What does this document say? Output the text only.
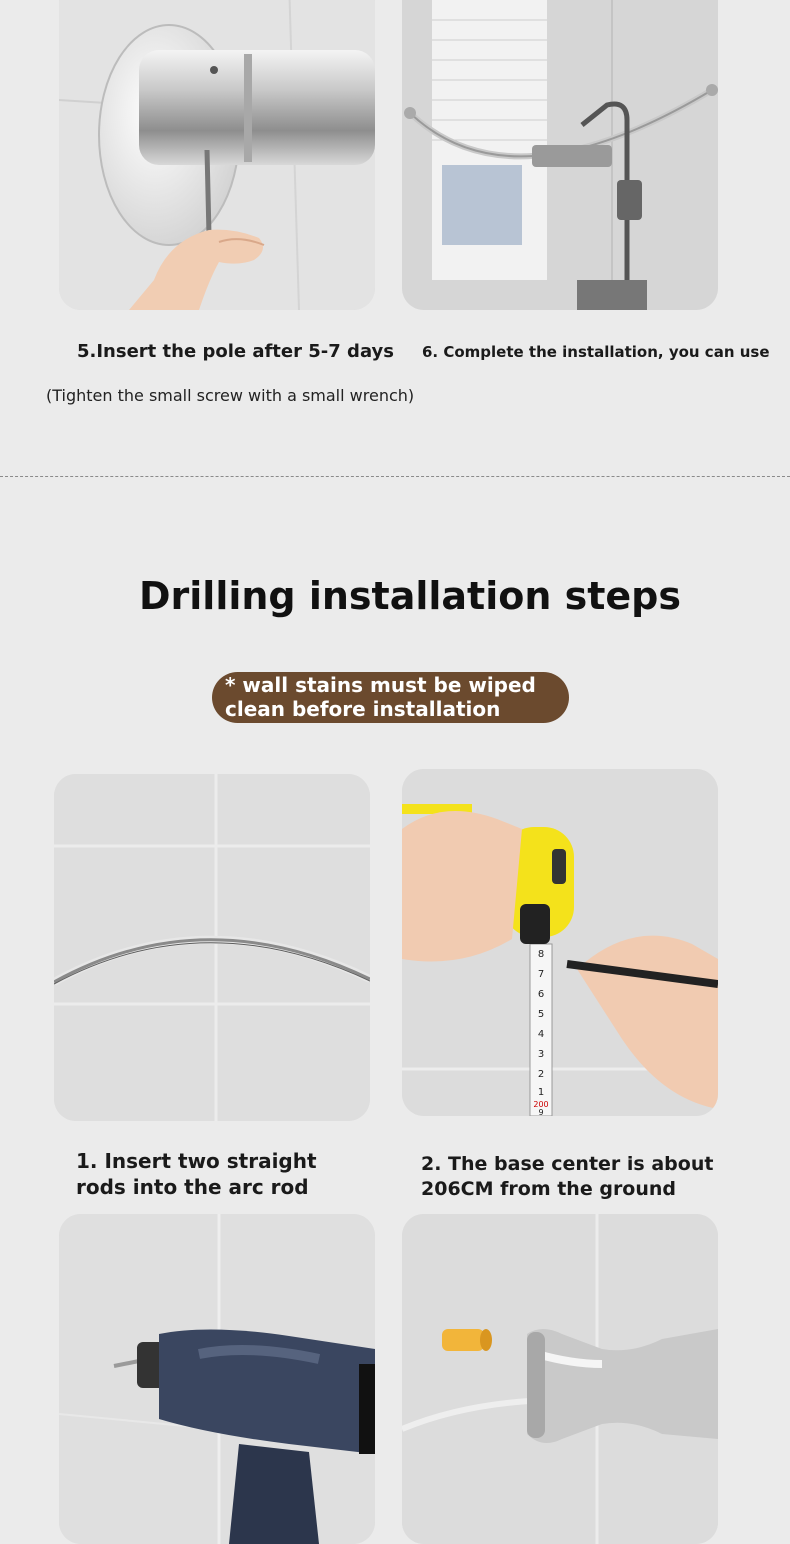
5.Insert the pole after 5-7 days 6. Complete the installation, you can use
(Tighten the small screw with a small wrench)
Drilling installation steps
* wall stains must be wiped
clean before installation
8
7
6
5
4
3
2
1
200
9
1. Insert two straight
rods into the arc rod
2. The base center is about
206CM from the ground
